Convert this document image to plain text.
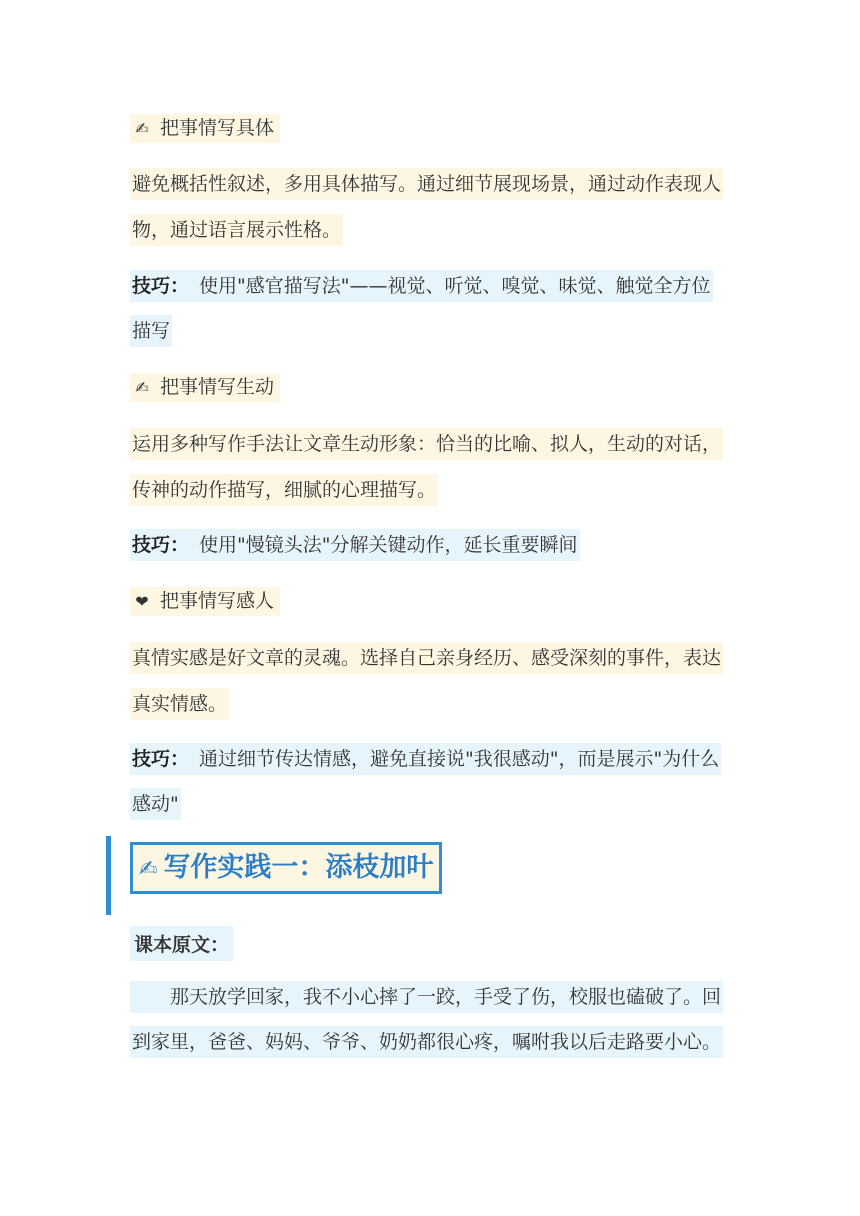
✍ 把事情写具体
避免概括性叙述，多用具体描写。通过细节展现场景，通过动作表现人
物，通过语言展示性格。
技巧： 使用"感官描写法"——视觉、听觉、嗅觉、味觉、触觉全方位
描写
✍ 把事情写生动
运用多种写作手法让文章生动形象：恰当的比喻、拟人，生动的对话，
传神的动作描写，细腻的心理描写。
技巧： 使用"慢镜头法"分解关键动作，延长重要瞬间
❤ 把事情写感人
真情实感是好文章的灵魂。选择自己亲身经历、感受深刻的事件，表达
真实情感。
技巧： 通过细节传达情感，避免直接说"我很感动"，而是展示"为什么
感动"
✍ 写作实践一：添枝加叶
课本原文：
那天放学回家，我不小心摔了一跤，手受了伤，校服也磕破了。回
到家里，爸爸、妈妈、爷爷、奶奶都很心疼，嘱咐我以后走路要小心。
